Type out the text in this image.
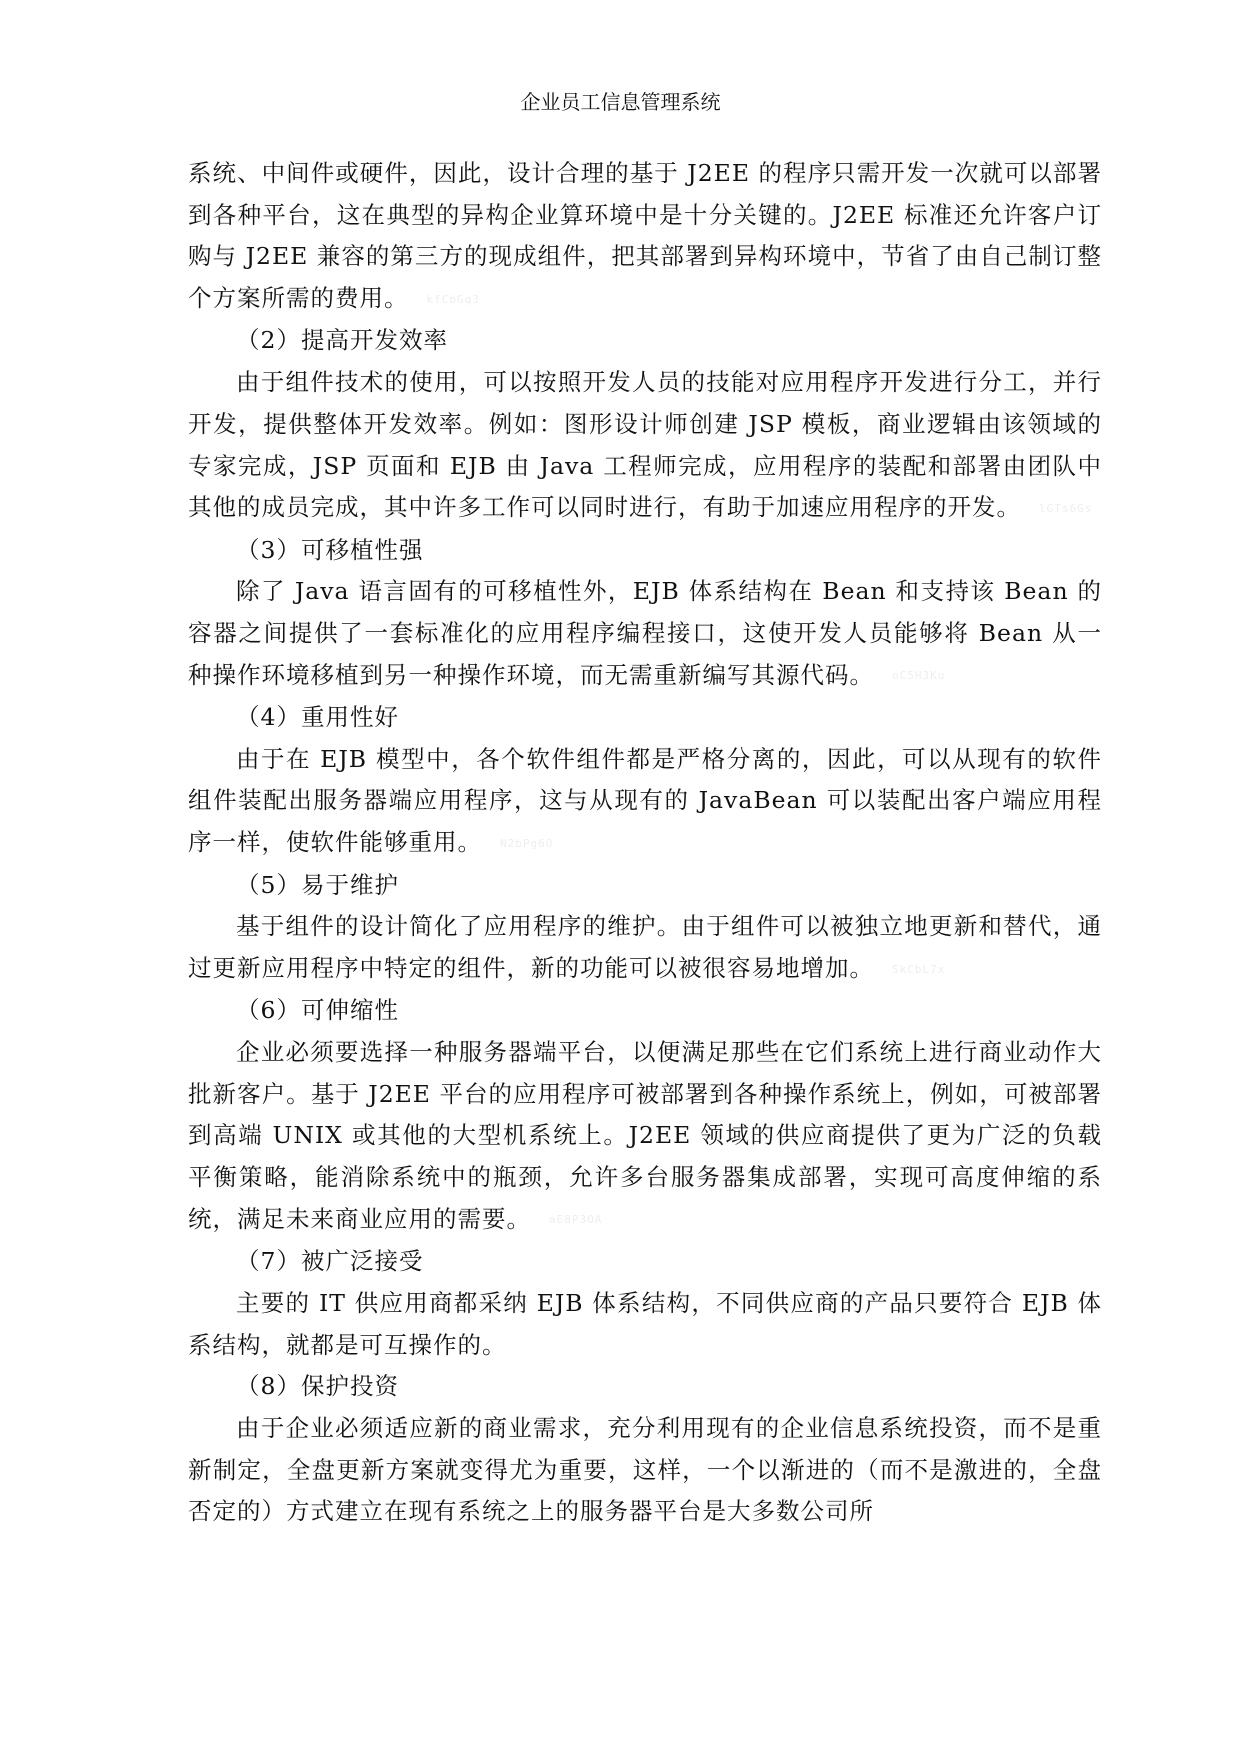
企业员工信息管理系统

系统、中间件或硬件，因此，设计合理的基于 J2EE 的程序只需开发一次就可以部署到各种平台，这在典型的异构企业算环境中是十分关键的。J2EE 标准还允许客户订购与 J2EE 兼容的第三方的现成组件，把其部署到异构环境中，节省了由自己制订整个方案所需的费用。 kfCbGq3

（2）提高开发效率

由于组件技术的使用，可以按照开发人员的技能对应用程序开发进行分工，并行开发，提供整体开发效率。例如：图形设计师创建 JSP 模板，商业逻辑由该领域的专家完成，JSP 页面和 EJB 由 Java 工程师完成，应用程序的装配和部署由团队中其他的成员完成，其中许多工作可以同时进行，有助于加速应用程序的开发。 lGTs6Gs

（3）可移植性强

除了 Java 语言固有的可移植性外，EJB 体系结构在 Bean 和支持该 Bean 的容器之间提供了一套标准化的应用程序编程接口，这使开发人员能够将 Bean 从一种操作环境移植到另一种操作环境，而无需重新编写其源代码。 oC5H3Ku

（4）重用性好

由于在 EJB 模型中，各个软件组件都是严格分离的，因此，可以从现有的软件组件装配出服务器端应用程序，这与从现有的 JavaBean 可以装配出客户端应用程序一样，使软件能够重用。 N2bPg6O

（5）易于维护

基于组件的设计简化了应用程序的维护。由于组件可以被独立地更新和替代，通过更新应用程序中特定的组件，新的功能可以被很容易地增加。 SkCbL7x

（6）可伸缩性

企业必须要选择一种服务器端平台，以便满足那些在它们系统上进行商业动作大批新客户。基于 J2EE 平台的应用程序可被部署到各种操作系统上，例如，可被部署到高端 UNIX 或其他的大型机系统上。J2EE 领域的供应商提供了更为广泛的负载平衡策略，能消除系统中的瓶颈，允许多台服务器集成部署，实现可高度伸缩的系统，满足未来商业应用的需要。 aE8P3OA

（7）被广泛接受

主要的 IT 供应用商都采纳 EJB 体系结构，不同供应商的产品只要符合 EJB 体系结构，就都是可互操作的。

（8）保护投资

由于企业必须适应新的商业需求，充分利用现有的企业信息系统投资，而不是重新制定，全盘更新方案就变得尤为重要，这样，一个以渐进的（而不是激进的，全盘否定的）方式建立在现有系统之上的服务器平台是大多数公司所
